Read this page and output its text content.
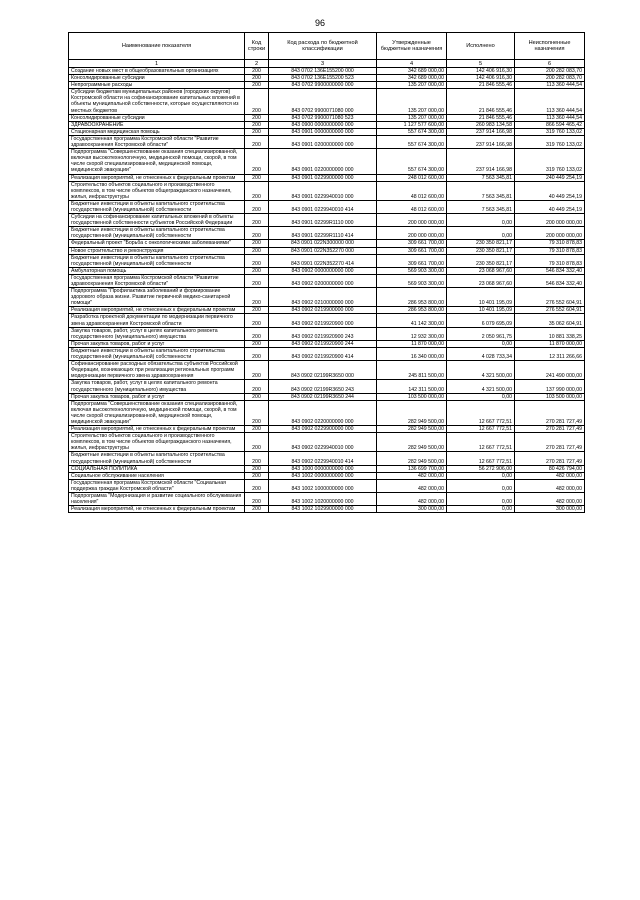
96
Наименование показателя	Код строки	Код расхода по бюджетной классификации	Утвержденные бюджетные назначения	Исполнено	Неисполненные назначения
1	2	3	4	5	6
Создание новых мест в общеобразовательных организациях	200	843 0702 136E155200 000	342 689 000,00	142 406 916,30	200 282 083,70
Консолидированные субсидии	200	843 0702 136E155200 523	342 689 000,00	142 406 916,30	200 282 083,70
Непрограммные расходы	200	843 0702 9900000000 000	135 207 000,00	21 846 555,46	113 360 444,54
Субсидии бюджетам муниципальных районов (городских округов) Костромской области на софинансирование капитальных вложений в объекты муниципальной собственности, которые осуществляются из местных бюджетов	200	843 0702 9900071080 000	135 207 000,00	21 846 555,46	113 360 444,54
Консолидированные субсидии	200	843 0702 9900071080 523	135 207 000,00	21 846 555,46	113 360 444,54
ЗДРАВООХРАНЕНИЕ	200	843 0900 0000000000 000	1 127 577 600,00	260 983 134,58	866 594 465,42
Стационарная медицинская помощь	200	843 0901 0000000000 000	557 674 300,00	237 914 166,98	319 760 133,02
Государственная программа Костромской области "Развитие здравоохранения Костромской области"	200	843 0901 0200000000 000	557 674 300,00	237 914 166,98	319 760 133,02
Подпрограмма "Совершенствование оказания специализированной, включая высокотехнологичную, медицинской помощи, скорой, в том числе скорой специализированной, медицинской помощи, медицинской эвакуации"	200	843 0901 0220000000 000	557 674 300,00	237 914 166,98	319 760 133,02
Реализация мероприятий, не отнесенных к федеральным проектам	200	843 0901 0229900000 000	248 012 600,00	7 563 345,81	240 449 254,19
Строительство объектов социального и производственного комплексов, в том числе объектов общегражданского назначения, жилья, инфраструктуры	200	843 0901 0229940010 000	48 012 600,00	7 563 345,81	40 449 254,19
Бюджетные инвестиции в объекты капитального строительства государственной (муниципальной) собственности	200	843 0901 0229940010 414	48 012 600,00	7 563 345,81	40 449 254,19
Субсидии на софинансирование капитальных вложений в объекты государственной собственности субъектов Российской Федерации	200	843 0901 02299R1110 000	200 000 000,00	0,00	200 000 000,00
Бюджетные инвестиции в объекты капитального строительства государственной (муниципальной) собственности	200	843 0901 02299R1110 414	200 000 000,00	0,00	200 000 000,00
Федеральный проект "Борьба с онкологическими заболеваниями"	200	843 0901 022N300000 000	309 661 700,00	230 350 821,17	79 310 878,83
Новое строительство и реконструкция	200	843 0901 022N352270 000	309 661 700,00	230 350 821,17	79 310 878,83
Бюджетные инвестиции в объекты капитального строительства государственной (муниципальной) собственности	200	843 0901 022N352270 414	309 661 700,00	230 350 821,17	79 310 878,83
Амбулаторная помощь	200	843 0902 0000000000 000	569 903 300,00	23 068 967,60	546 834 332,40
Государственная программа Костромской области "Развитие здравоохранения Костромской области"	200	843 0902 0200000000 000	569 903 300,00	23 068 967,60	546 834 332,40
Подпрограмма "Профилактика заболеваний и формирование здорового образа жизни. Развитие первичной медико-санитарной помощи"	200	843 0902 0210000000 000	286 953 800,00	10 401 195,09	276 552 604,91
Реализация мероприятий, не отнесенных к федеральным проектам	200	843 0902 0219900000 000	286 953 800,00	10 401 195,09	276 552 604,91
Разработка проектной документации по модернизации первичного звена здравоохранения Костромской области	200	843 0902 0219920900 000	41 142 300,00	6 079 695,09	35 062 604,91
Закупка товаров, работ, услуг в целях капитального ремонта государственного (муниципального) имущества	200	843 0902 0219920900 243	12 932 300,00	2 050 961,75	10 881 338,25
Прочая закупка товаров, работ и услуг	200	843 0902 0219920900 244	11 870 000,00	0,00	11 870 000,00
Бюджетные инвестиции в объекты капитального строительства государственной (муниципальной) собственности	200	843 0902 0219920900 414	16 340 000,00	4 028 733,34	12 311 266,66
Софинансирование расходных обязательства субъектов Российской Федерации, возникающих при реализации региональных программ модернизации первичного звена здравоохранения	200	843 0902 02199R3650 000	245 811 500,00	4 321 500,00	241 490 000,00
Закупка товаров, работ, услуг в целях капитального ремонта государственного (муниципального) имущества	200	843 0902 02199R3650 243	142 311 500,00	4 321 500,00	137 990 000,00
Прочая закупка товаров, работ и услуг	200	843 0902 02199R3650 244	103 500 000,00	0,00	103 500 000,00
Подпрограмма "Совершенствование оказания специализированной, включая высокотехнологичную, медицинской помощи, скорой, в том числе скорой специализированной, медицинской помощи, медицинской эвакуации"	200	843 0902 0220000000 000	282 949 500,00	12 667 772,51	270 281 727,49
Реализация мероприятий, не отнесенных к федеральным проектам	200	843 0902 0229900000 000	282 949 500,00	12 667 772,51	270 281 727,49
Строительство объектов социального и производственного комплексов, в том числе объектов общегражданского назначения, жилья, инфраструктуры	200	843 0902 0229940010 000	282 949 500,00	12 667 772,51	270 281 727,49
Бюджетные инвестиции в объекты капитального строительства государственной (муниципальной) собственности	200	843 0902 0229940010 414	282 949 500,00	12 667 772,51	270 281 727,49
СОЦИАЛЬНАЯ ПОЛИТИКА	200	843 1000 0000000000 000	136 699 700,00	56 272 906,00	80 426 794,00
Социальное обслуживание населения	200	843 1002 0000000000 000	482 000,00	0,00	482 000,00
Государственная программа Костромской области "Социальная поддержка граждан Костромской области"	200	843 1002 1000000000 000	482 000,00	0,00	482 000,00
Подпрограмма "Модернизация и развитие социального обслуживания населения"	200	843 1002 1020000000 000	482 000,00	0,00	482 000,00
Реализация мероприятий, не отнесенных к федеральным проектам	200	843 1002 1029900000 000	300 000,00	0,00	300 000,00
